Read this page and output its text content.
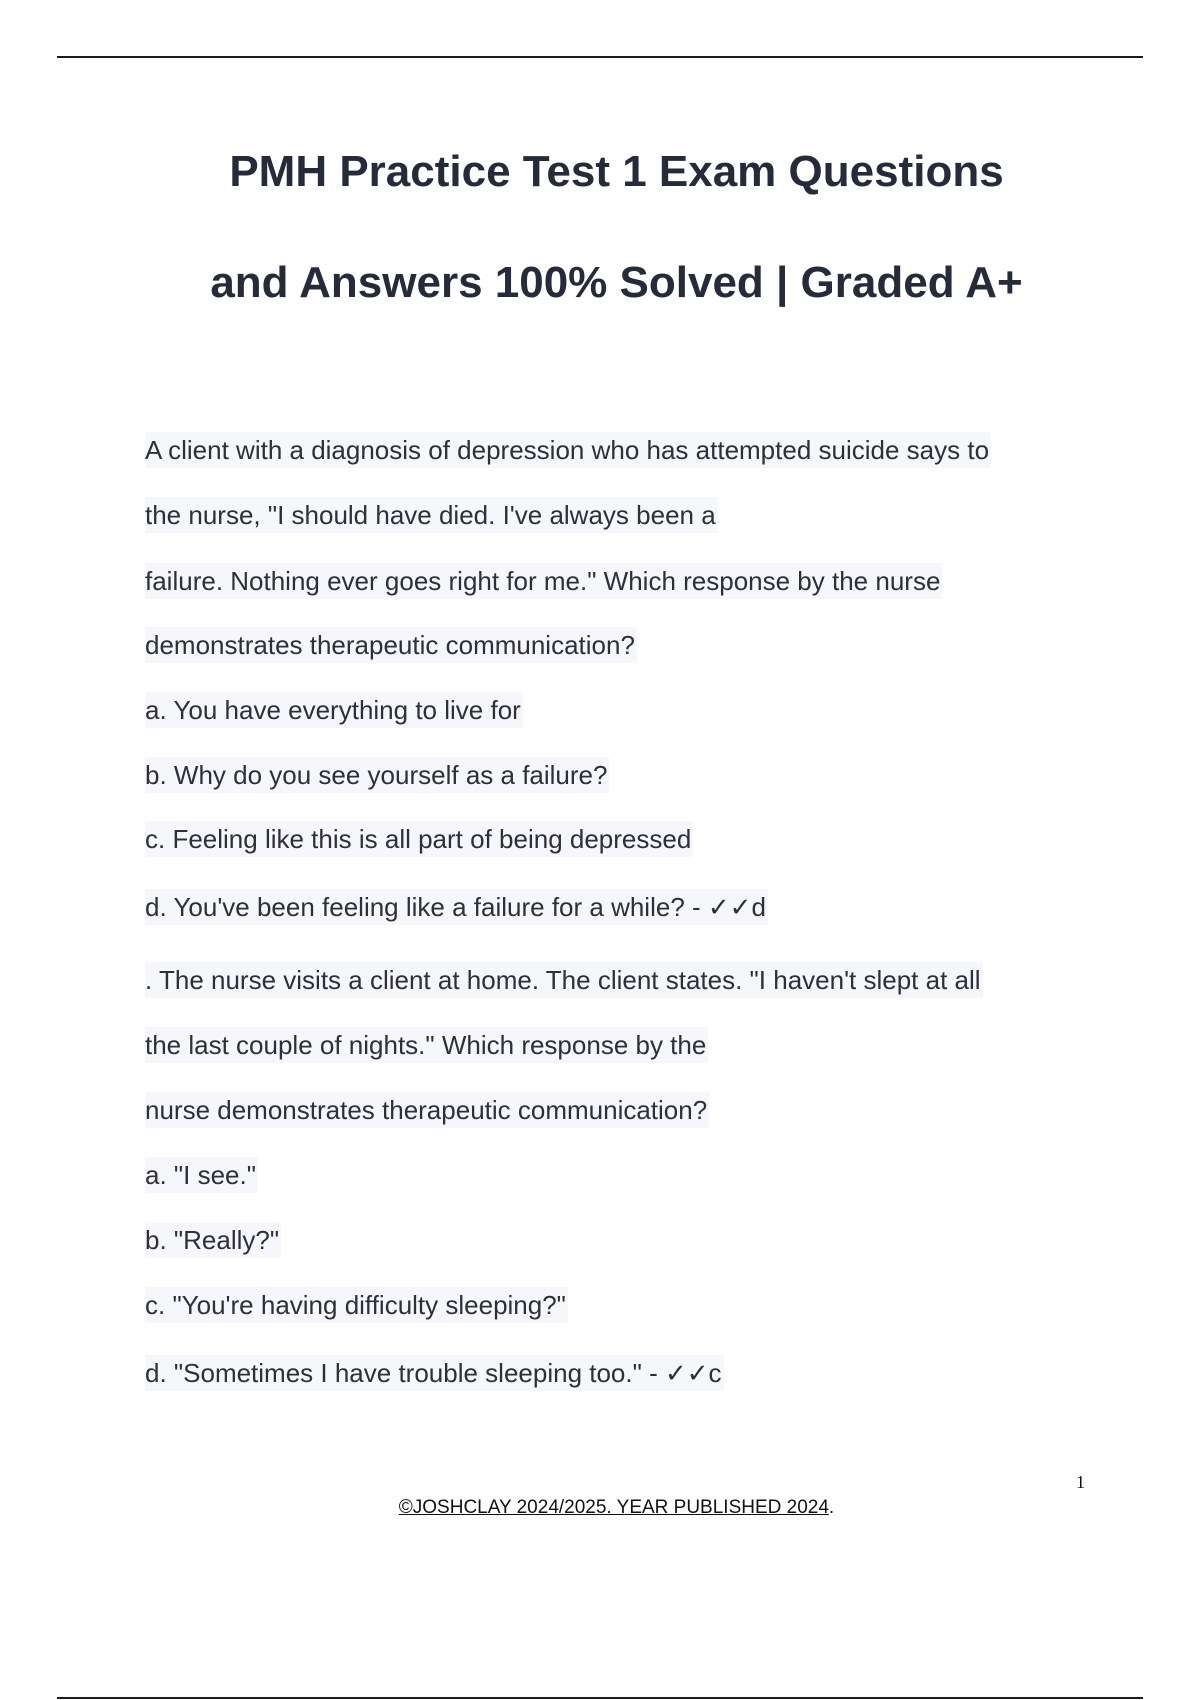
PMH Practice Test 1 Exam Questions
and Answers 100% Solved | Graded A+
A client with a diagnosis of depression who has attempted suicide says to
the nurse, "I should have died. I've always been a
failure. Nothing ever goes right for me." Which response by the nurse
demonstrates therapeutic communication?
a. You have everything to live for
b. Why do you see yourself as a failure?
c. Feeling like this is all part of being depressed
d. You've been feeling like a failure for a while? - ✓✓d
. The nurse visits a client at home. The client states. "I haven't slept at all
the last couple of nights." Which response by the
nurse demonstrates therapeutic communication?
a. "I see."
b. "Really?"
c. "You're having difficulty sleeping?"
d. "Sometimes I have trouble sleeping too." - ✓✓c
1
©JOSHCLAY 2024/2025. YEAR PUBLISHED 2024.
